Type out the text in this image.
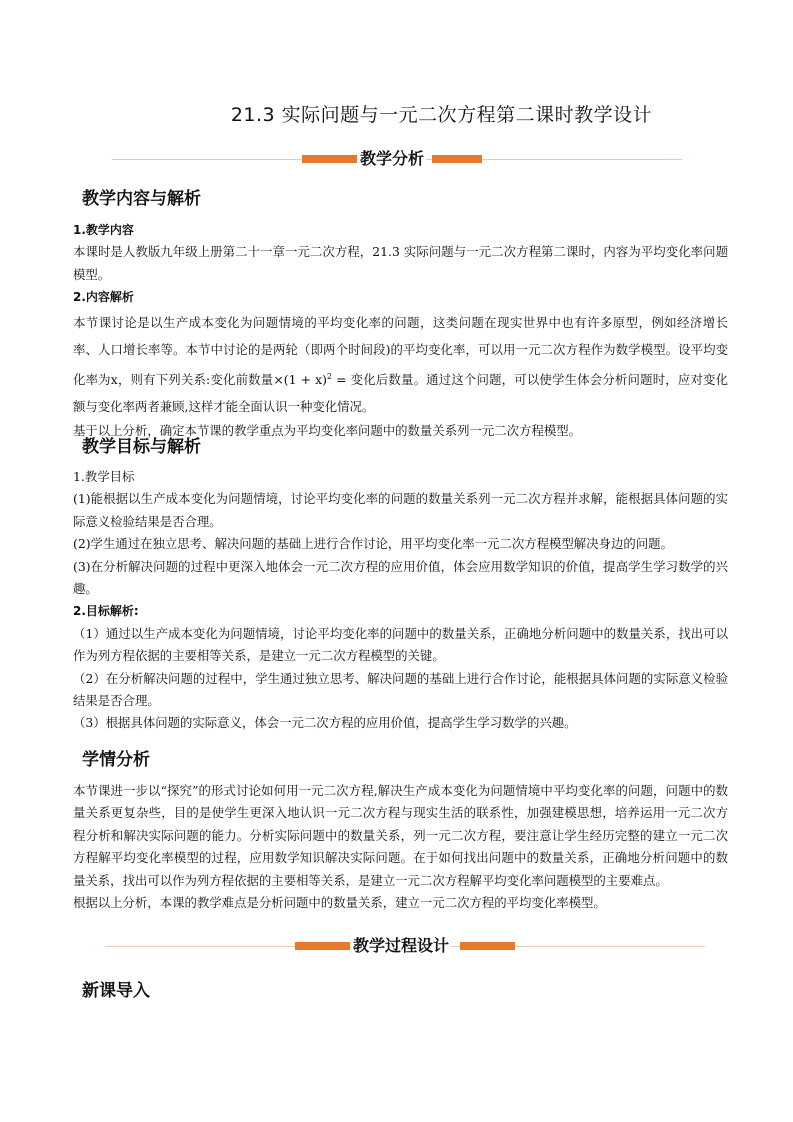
21.3 实际问题与一元二次方程第二课时教学设计
教学分析
教学内容与解析

1.教学内容

本课时是人教版九年级上册第二十一章一元二次方程，21.3 实际问题与一元二次方程第二课时，内容为平均变化率问题模型。

2.内容解析

本节课讨论是以生产成本变化为问题情境的平均变化率的问题，这类问题在现实世界中也有许多原型，例如经济增长率、人口增长率等。本节中讨论的是两轮（即两个时间段)的平均变化率，可以用一元二次方程作为数学模型。设平均变化率为x，则有下列关系:变化前数量$\times(1 + x)^2$ = 变化后数量。通过这个问题，可以使学生体会分析问题时，应对变化额与变化率两者兼顾,这样才能全面认识一种变化情况。

基于以上分析，确定本节课的教学重点为平均变化率问题中的数量关系列一元二次方程模型。

教学目标与解析

1.教学目标

(1)能根据以生产成本变化为问题情境，讨论平均变化率的问题的数量关系列一元二次方程并求解，能根据具体问题的实际意义检验结果是否合理。

(2)学生通过在独立思考、解决问题的基础上进行合作讨论，用平均变化率一元二次方程模型解决身边的问题。

(3)在分析解决问题的过程中更深入地体会一元二次方程的应用价值，体会应用数学知识的价值，提高学生学习数学的兴趣。

2.目标解析:

（1）通过以生产成本变化为问题情境，讨论平均变化率的问题中的数量关系，正确地分析问题中的数量关系，找出可以作为列方程依据的主要相等关系，是建立一元二次方程模型的关键。

（2）在分析解决问题的过程中，学生通过独立思考、解决问题的基础上进行合作讨论，能根据具体问题的实际意义检验结果是否合理。

（3）根据具体问题的实际意义，体会一元二次方程的应用价值，提高学生学习数学的兴趣。

学情分析

本节课进一步以“探究”的形式讨论如何用一元二次方程,解决生产成本变化为问题情境中平均变化率的问题，问题中的数量关系更复杂些，目的是使学生更深入地认识一元二次方程与现实生活的联系性，加强建模思想，培养运用一元二次方程分析和解决实际问题的能力。分析实际问题中的数量关系，列一元二次方程，要注意让学生经历完整的建立一元二次方程解平均变化率模型的过程，应用数学知识解决实际问题。在于如何找出问题中的数量关系，正确地分析问题中的数量关系，找出可以作为列方程依据的主要相等关系，是建立一元二次方程解平均变化率问题模型的主要难点。

根据以上分析，本课的教学难点是分析问题中的数量关系，建立一元二次方程的平均变化率模型。

教学过程设计
新课导入
